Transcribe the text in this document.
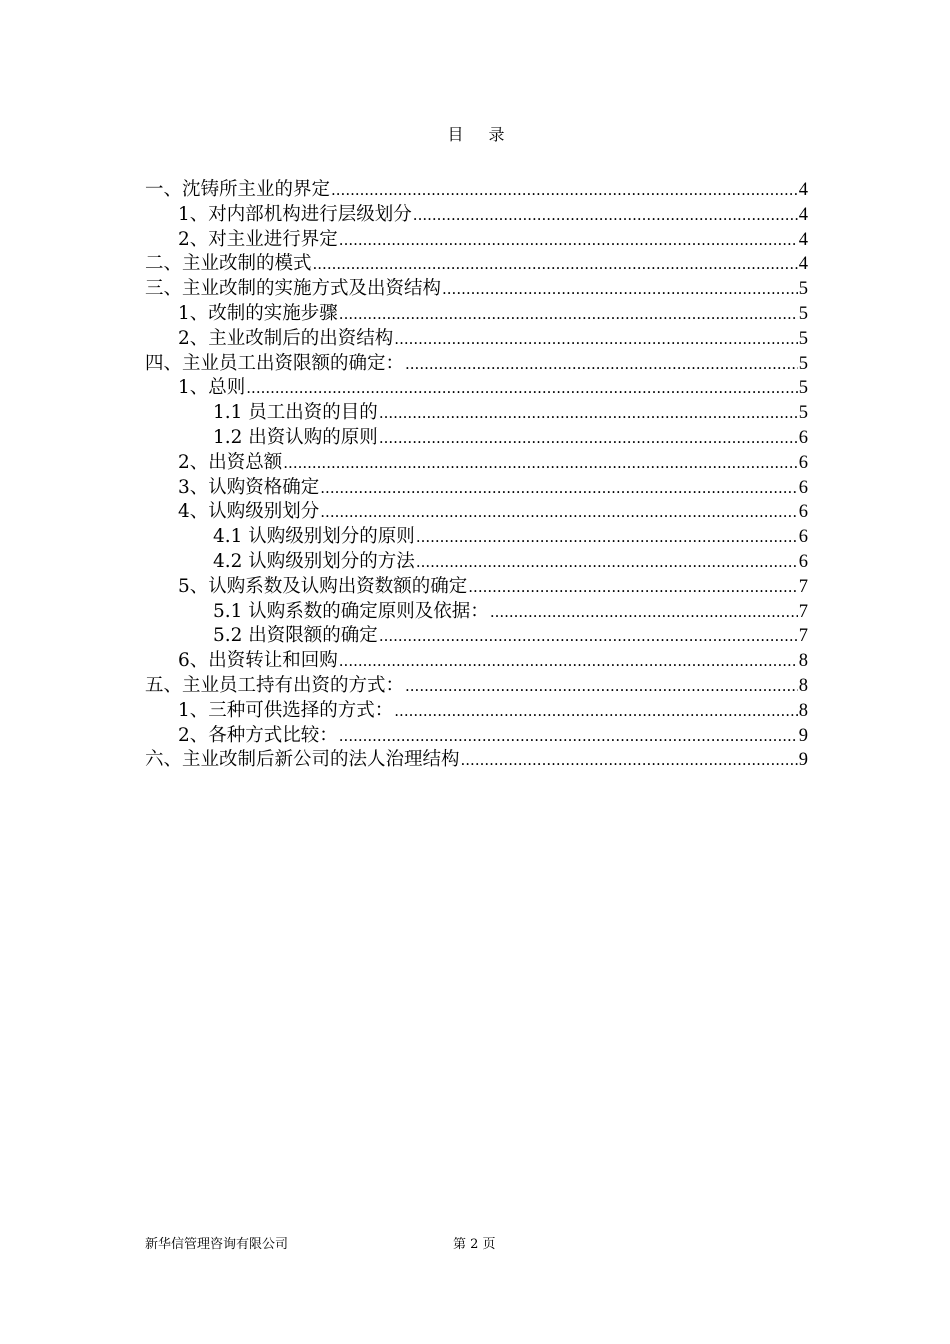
目 录
一、沈铸所主业的界定 .....	4
1、 对内部机构进行层级划分 .....	4
2、 对主业进行界定 .....	4
二、主业改制的模式 .....	4
三、主业改制的实施方式及出资结构 .....	5
1、 改制的实施步骤 .....	5
2、 主业改制后的出资结构 .....	5
四、主业员工出资限额的确定： .....	5
1、总则 .....	5
1.1 员工出资的目的 .....	5
1.2 出资认购的原则 .....	6
2、出资总额 .....	6
3、认购资格确定 .....	6
4、认购级别划分 .....	6
4.1 认购级别划分的原则 .....	6
4.2 认购级别划分的方法 .....	6
5、认购系数及认购出资数额的确定 .....	7
5.1 认购系数的确定原则及依据： .....	7
5.2 出资限额的确定 .....	7
6、出资转让和回购 .....	8
五、主业员工持有出资的方式： .....	8
1、三种可供选择的方式： .....	8
2、各种方式比较： .....	9
六、主业改制后新公司的法人治理结构 .....	9
新华信管理咨询有限公司	第 2 页
